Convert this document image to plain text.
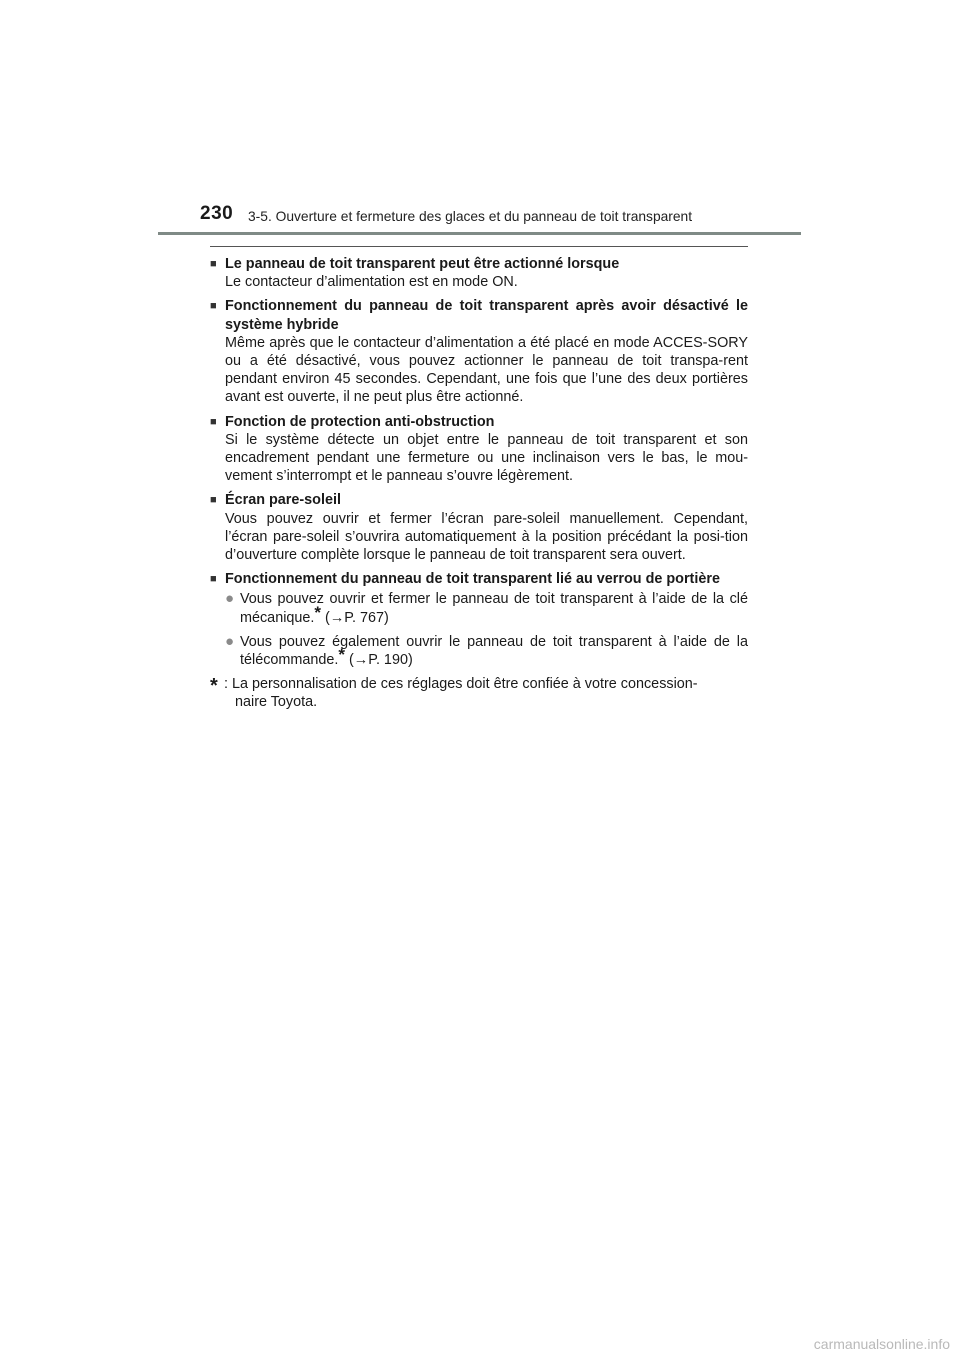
230 3-5. Ouverture et fermeture des glaces et du panneau de toit transparent
■ Le panneau de toit transparent peut être actionné lorsque
Le contacteur d’alimentation est en mode ON.
■ Fonctionnement du panneau de toit transparent après avoir désactivé le système hybride
Même après que le contacteur d’alimentation a été placé en mode ACCES-SORY ou a été désactivé, vous pouvez actionner le panneau de toit transpa-rent pendant environ 45 secondes. Cependant, une fois que l’une des deux portières avant est ouverte, il ne peut plus être actionné.
■ Fonction de protection anti-obstruction
Si le système détecte un objet entre le panneau de toit transparent et son encadrement pendant une fermeture ou une inclinaison vers le bas, le mou-vement s’interrompt et le panneau s’ouvre légèrement.
■ Écran pare-soleil
Vous pouvez ouvrir et fermer l’écran pare-soleil manuellement. Cependant, l’écran pare-soleil s’ouvrira automatiquement à la position précédant la posi-tion d’ouverture complète lorsque le panneau de toit transparent sera ouvert.
■ Fonctionnement du panneau de toit transparent lié au verrou de portière
● Vous pouvez ouvrir et fermer le panneau de toit transparent à l’aide de la clé mécanique.* (→P. 767)
● Vous pouvez également ouvrir le panneau de toit transparent à l’aide de la télécommande.* (→P. 190)
* : La personnalisation de ces réglages doit être confiée à votre concession-
naire Toyota.
carmanualsonline.info
